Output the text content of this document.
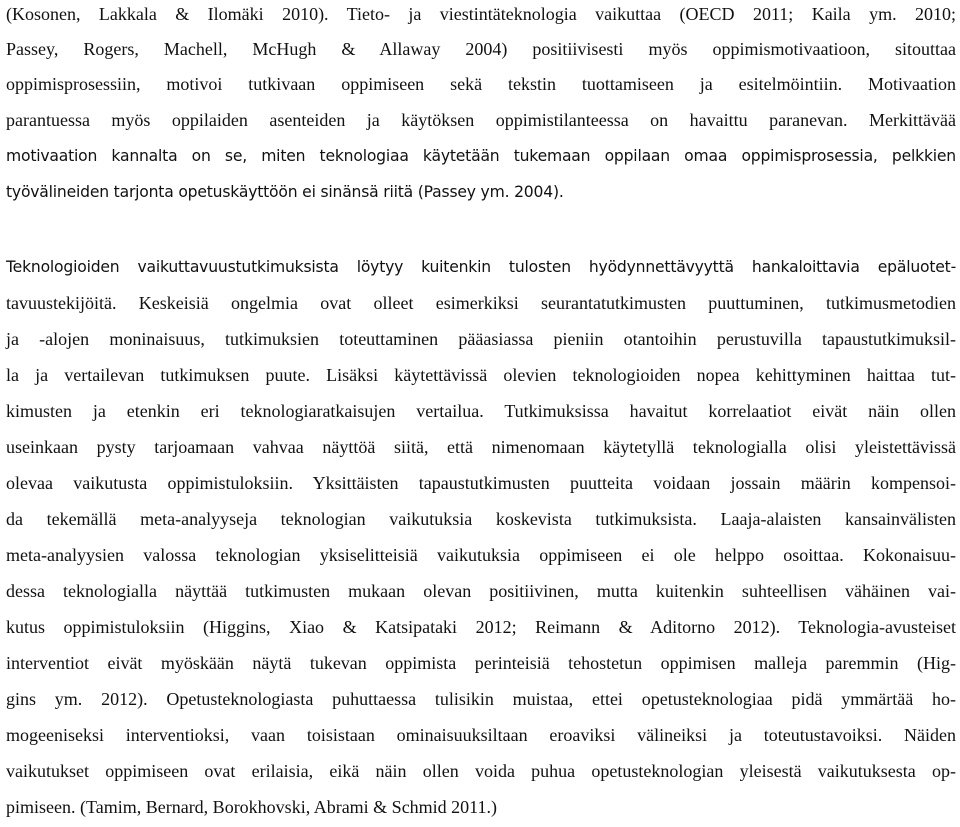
(Kosonen, Lakkala & Ilomäki 2010). Tieto- ja viestintäteknologia vaikuttaa (OECD 2011; Kaila ym. 2010;
Passey, Rogers, Machell, McHugh & Allaway 2004) positiivisesti myös oppimismotivaatioon, sitouttaa
oppimisprosessiin, motivoi tutkivaan oppimiseen sekä tekstin tuottamiseen ja esitelmöintiin. Motivaation
parantuessa myös oppilaiden asenteiden ja käytöksen oppimistilanteessa on havaittu paranevan. Merkittävää
motivaation kannalta on se, miten teknologiaa käytetään tukemaan oppilaan omaa oppimisprosessia, pelkkien
työvälineiden tarjonta opetuskäyttöön ei sinänsä riitä (Passey ym. 2004).
Teknologioiden vaikuttavuustutkimuksista löytyy kuitenkin tulosten hyödynnettävyyttä hankaloittavia epäluotet-
tavuustekijöitä. Keskeisiä ongelmia ovat olleet esimerkiksi seurantatutkimusten puuttuminen, tutkimusmetodien
ja -alojen moninaisuus, tutkimuksien toteuttaminen pääasiassa pieniin otantoihin perustuvilla tapaustutkimuksil-
la ja vertailevan tutkimuksen puute. Lisäksi käytettävissä olevien teknologioiden nopea kehittyminen haittaa tut-
kimusten ja etenkin eri teknologiaratkaisujen vertailua. Tutkimuksissa havaitut korrelaatiot eivät näin ollen
useinkaan pysty tarjoamaan vahvaa näyttöä siitä, että nimenomaan käytetyllä teknologialla olisi yleistettävissä
olevaa vaikutusta oppimistuloksiin. Yksittäisten tapaustutkimusten puutteita voidaan jossain määrin kompensoi-
da tekemällä meta-analyyseja teknologian vaikutuksia koskevista tutkimuksista. Laaja-alaisten kansainvälisten
meta-analyysien valossa teknologian yksiselitteisiä vaikutuksia oppimiseen ei ole helppo osoittaa. Kokonaisuu-
dessa teknologialla näyttää tutkimusten mukaan olevan positiivinen, mutta kuitenkin suhteellisen vähäinen vai-
kutus oppimistuloksiin (Higgins, Xiao & Katsipataki 2012; Reimann & Aditorno 2012). Teknologia-avusteiset
interventiot eivät myöskään näytä tukevan oppimista perinteisiä tehostetun oppimisen malleja paremmin (Hig-
gins ym. 2012). Opetusteknologiasta puhuttaessa tulisikin muistaa, ettei opetusteknologiaa pidä ymmärtää ho-
mogeeniseksi interventioksi, vaan toisistaan ominaisuuksiltaan eroaviksi välineiksi ja toteutustavoiksi. Näiden
vaikutukset oppimiseen ovat erilaisia, eikä näin ollen voida puhua opetusteknologian yleisestä vaikutuksesta op-
pimiseen. (Tamim, Bernard, Borokhovski, Abrami & Schmid 2011.)
